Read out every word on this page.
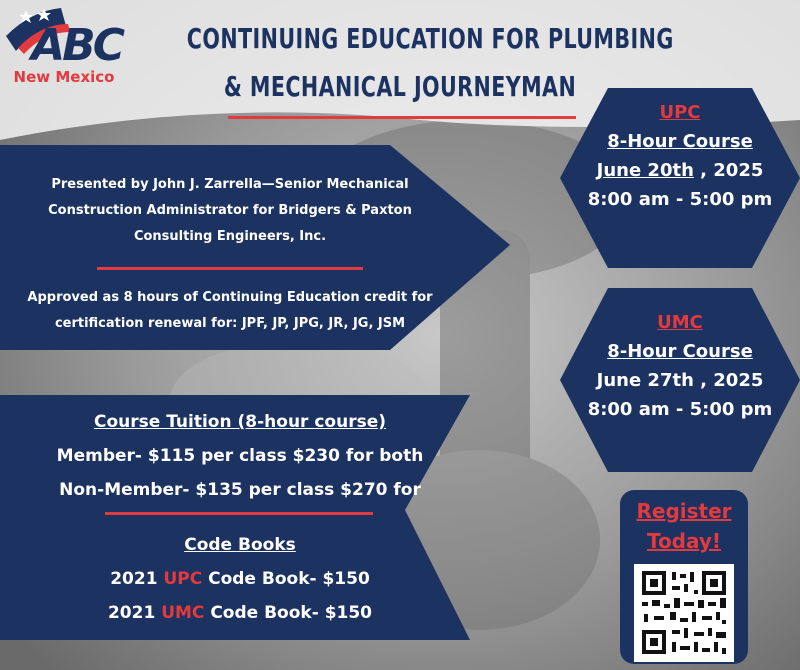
ABC
New Mexico
CONTINUING EDUCATION FOR PLUMBING
& MECHANICAL JOURNEYMAN
Presented by John J. Zarrella—Senior Mechanical
Construction Administrator for Bridgers & Paxton
Consulting Engineers, Inc.
Approved as 8 hours of Continuing Education credit for
certification renewal for: JPF, JP, JPG, JR, JG, JSM
Course Tuition (8-hour course)
Member- $115 per class $230 for both
Non-Member- $135 per class $270 for
Code Books
2021 UPC Code Book- $150
2021 UMC Code Book- $150
UPC
8-Hour Course
June 20th , 2025
8:00 am - 5:00 pm
UMC
8-Hour Course
June 27th , 2025
8:00 am - 5:00 pm
Register
Today!
